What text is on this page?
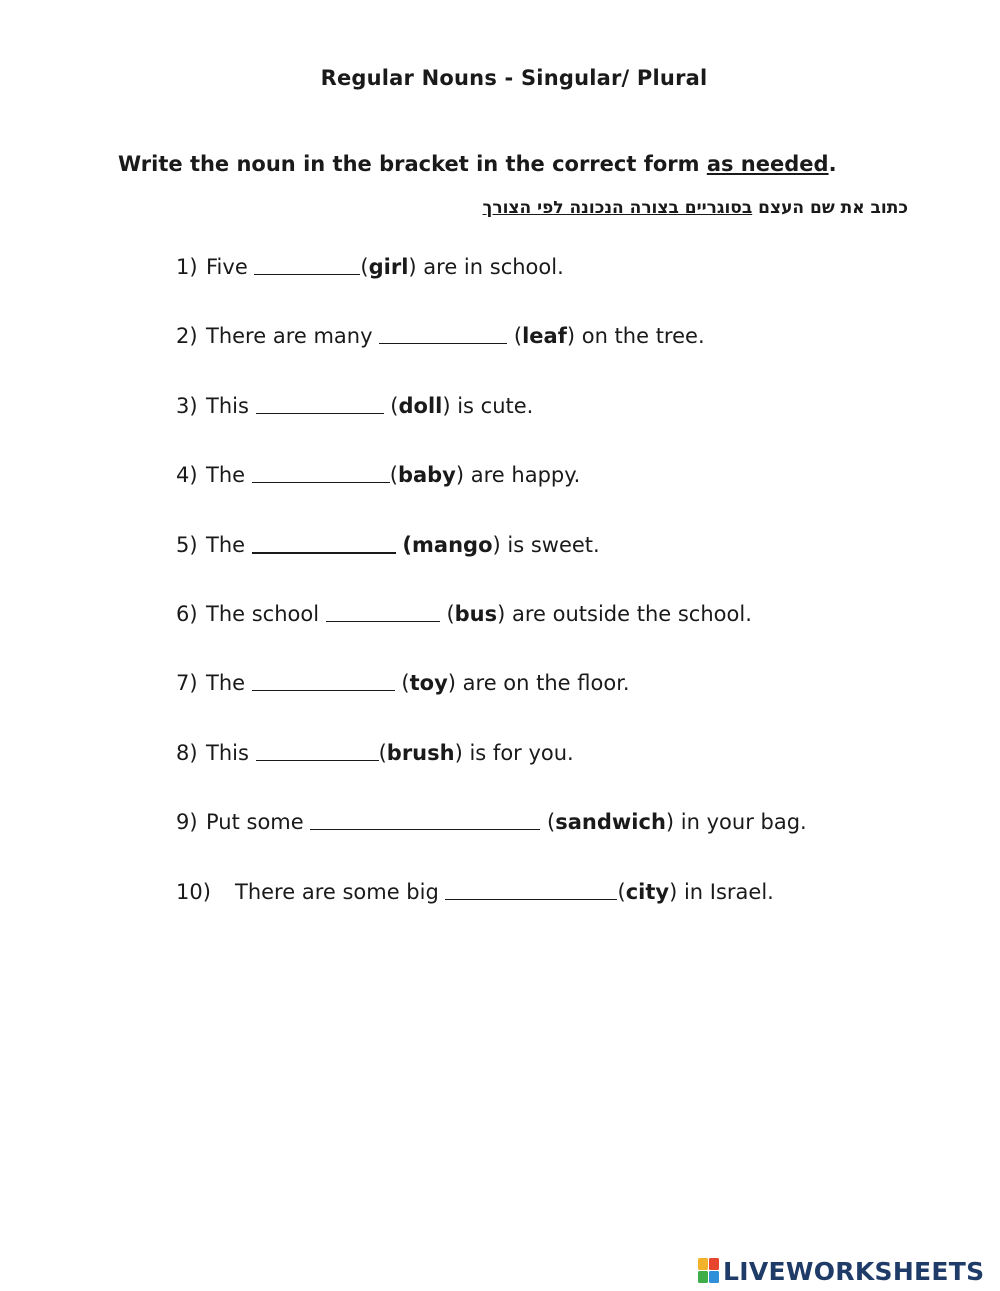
Regular Nouns - Singular/ Plural
Write the noun in the bracket in the correct form as needed.
כתוב את שם העצם בסוגריים בצורה הנכונה לפי הצורך
1) Five	( girl ) are in school.
2) There are many
	( leaf ) on the tree.
3) This
	( doll ) is cute.
4) The	( baby ) are happy.
5) The
	( mango ) is sweet.
6) The school
	( bus ) are outside the school.
7) The
	( toy ) are on the floor.
8) This	( brush ) is for you.
9) Put some
	( sandwich ) in your bag.
10)	There are some big	( city ) in Israel.
LIVEWORKSHEETS
